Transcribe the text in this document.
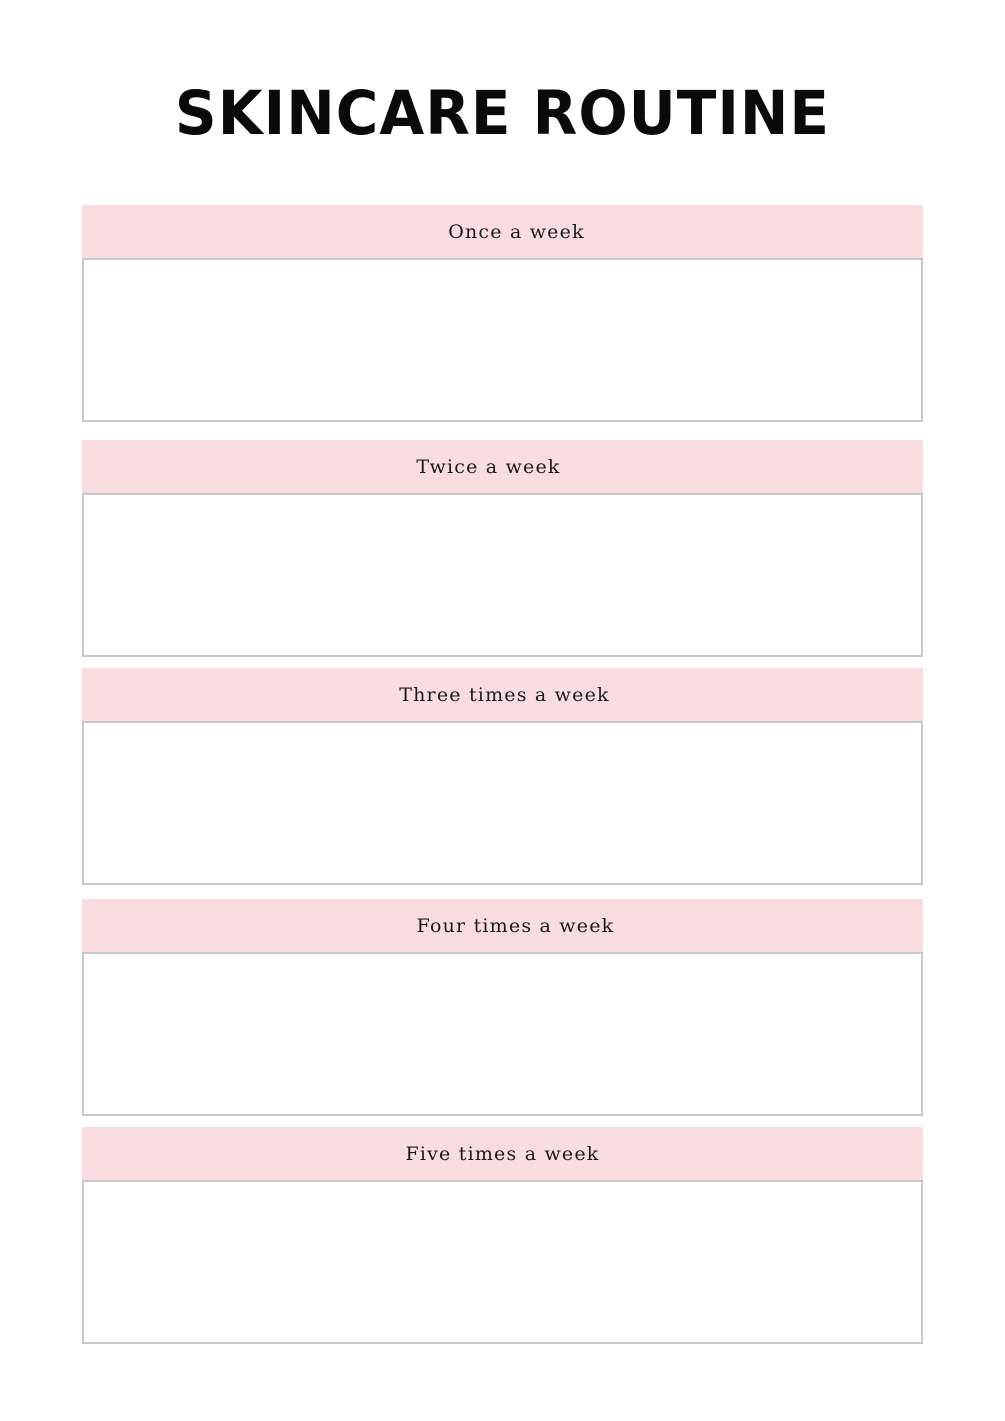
SKINCARE ROUTINE
Once a week
Twice a week
Three times a week
Four times a week
Five times a week
